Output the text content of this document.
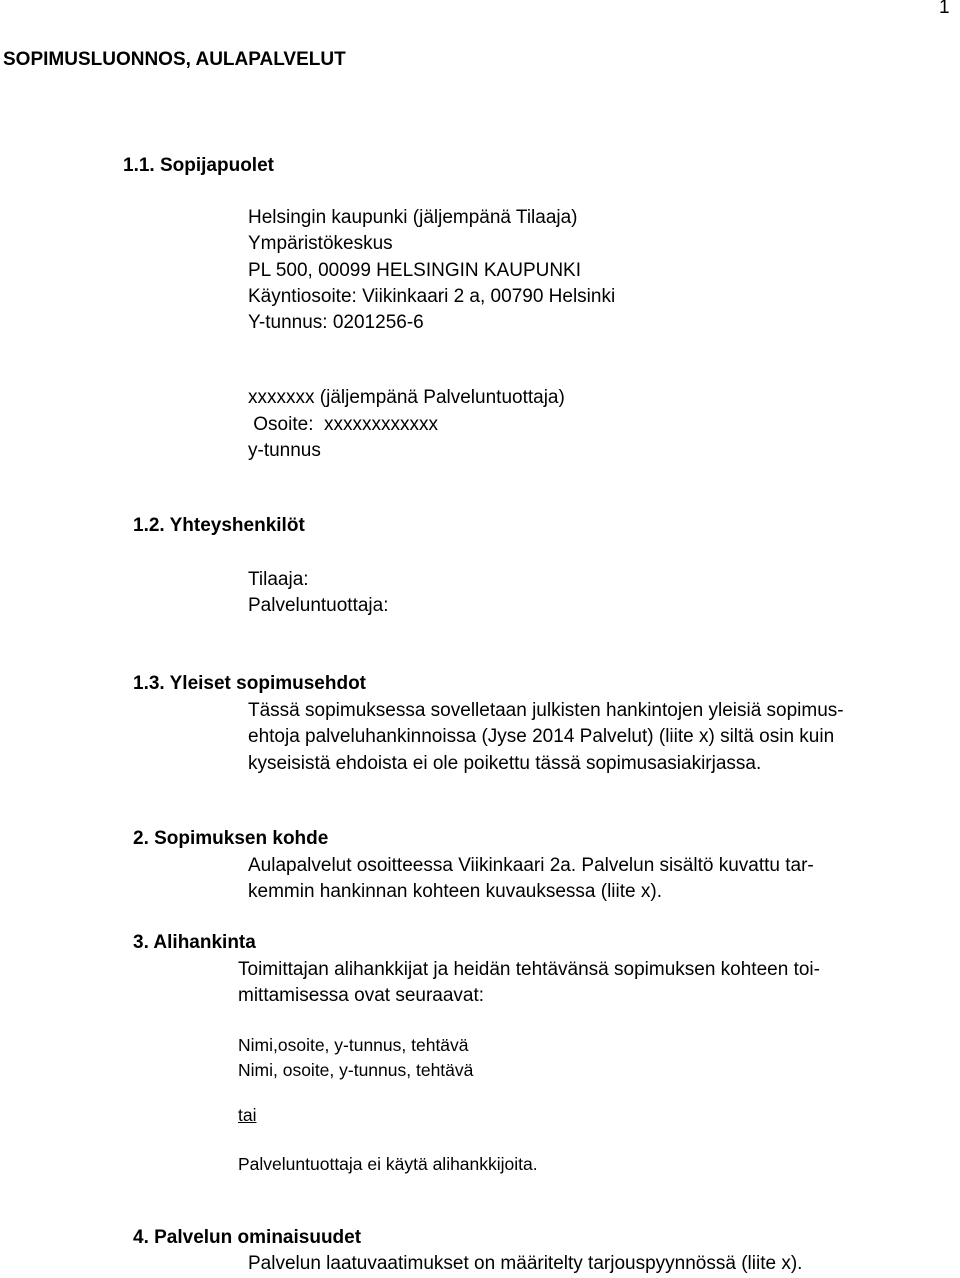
1
SOPIMUSLUONNOS, AULAPALVELUT
1.1. Sopijapuolet
Helsingin kaupunki (jäljempänä Tilaaja)
Ympäristökeskus
PL 500, 00099 HELSINGIN KAUPUNKI
Käyntiosoite: Viikinkaari 2 a, 00790 Helsinki
Y-tunnus: 0201256-6
xxxxxxx (jäljempänä Palveluntuottaja)
Osoite:  xxxxxxxxxxxx
y-tunnus
1.2. Yhteyshenkilöt
Tilaaja:
Palveluntuottaja:
1.3. Yleiset sopimusehdot
Tässä sopimuksessa sovelletaan julkisten hankintojen yleisiä sopimus-
ehtoja palveluhankinnoissa (Jyse 2014 Palvelut) (liite x) siltä osin kuin
kyseisistä ehdoista ei ole poikettu tässä sopimusasiakirjassa.
2. Sopimuksen kohde
Aulapalvelut osoitteessa Viikinkaari 2a. Palvelun sisältö kuvattu tar-
kemmin hankinnan kohteen kuvauksessa (liite x).
3. Alihankinta
Toimittajan alihankkijat ja heidän tehtävänsä sopimuksen kohteen toi-
mittamisessa ovat seuraavat:
Nimi,osoite, y-tunnus, tehtävä
Nimi, osoite, y-tunnus, tehtävä
tai
Palveluntuottaja ei käytä alihankkijoita.
4. Palvelun ominaisuudet
Palvelun laatuvaatimukset on määritelty tarjouspyynnössä (liite x).
